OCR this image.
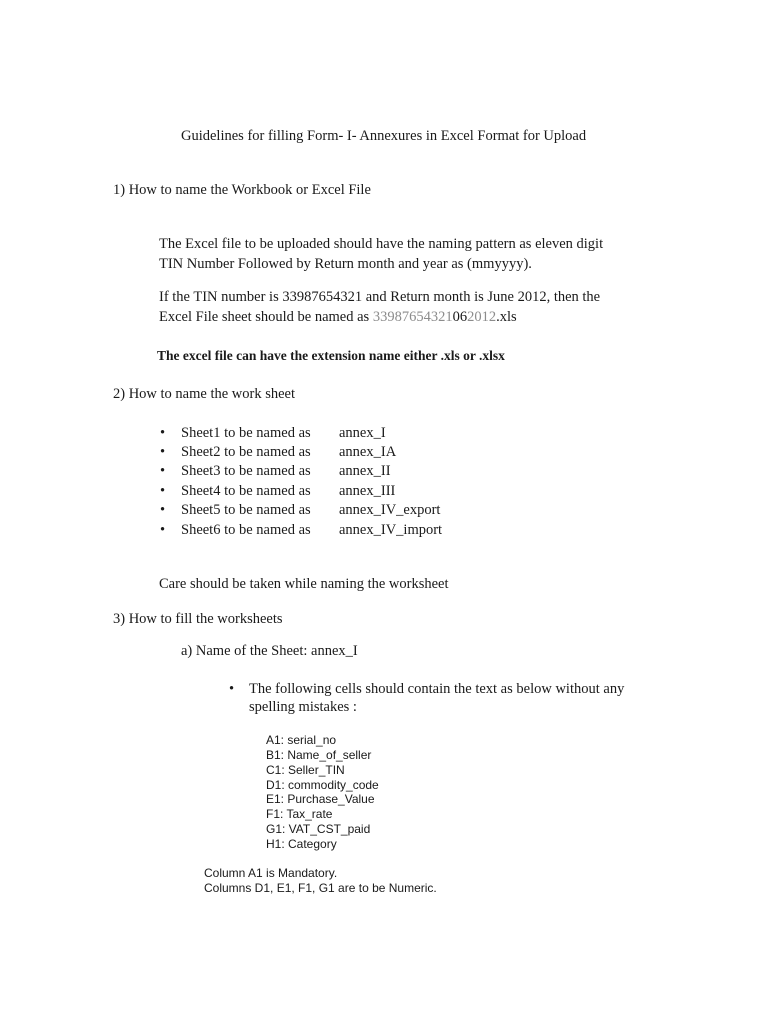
Guidelines for filling Form- I- Annexures in Excel Format for Upload
1) How to name the Workbook or Excel File
The Excel file to be uploaded should have the naming pattern as eleven digit
TIN Number Followed by Return month and year as (mmyyyy).
If the TIN number is 33987654321 and Return month is June 2012, then the
Excel File sheet should be named as 33987654321062012.xls
The excel file can have the extension name either .xls or .xlsx
2) How to name the work sheet
• Sheet1 to be named as annex_I
• Sheet2 to be named as annex_IA
• Sheet3 to be named as annex_II
• Sheet4 to be named as annex_III
• Sheet5 to be named as annex_IV_export
• Sheet6 to be named as annex_IV_import
Care should be taken while naming the worksheet
3) How to fill the worksheets
a) Name of the Sheet: annex_I
• The following cells should contain the text as below without any
spelling mistakes :
A1: serial_no
B1: Name_of_seller
C1: Seller_TIN
D1: commodity_code
E1: Purchase_Value
F1: Tax_rate
G1: VAT_CST_paid
H1: Category
Column A1 is Mandatory.
Columns D1, E1, F1, G1 are to be Numeric.
